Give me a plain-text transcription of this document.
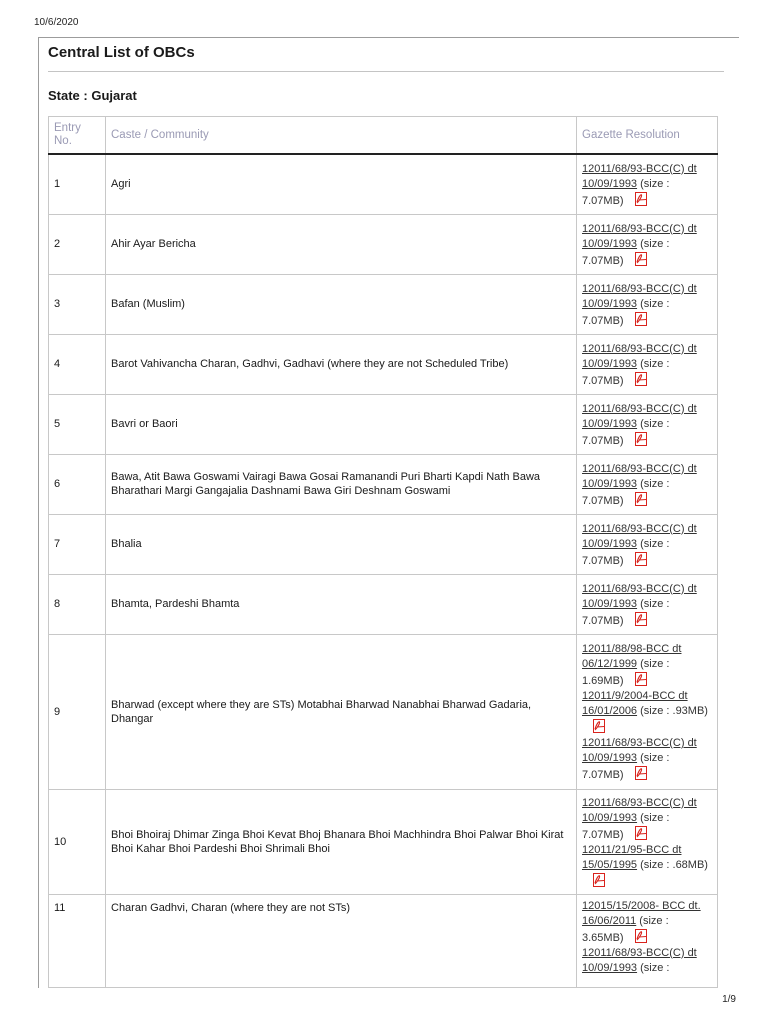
10/6/2020
Central List of OBCs
State : Gujarat
Entry
No.	Caste / Community	Gazette Resolution
1	Agri	12011/68/93-BCC(C) dt 10/09/1993 (size : 7.07MB)

2	Ahir Ayar Bericha	12011/68/93-BCC(C) dt 10/09/1993 (size : 7.07MB)

3	Bafan (Muslim)	12011/68/93-BCC(C) dt 10/09/1993 (size : 7.07MB)

4	Barot Vahivancha Charan, Gadhvi, Gadhavi (where they are not Scheduled Tribe)	12011/68/93-BCC(C) dt 10/09/1993 (size : 7.07MB)

5	Bavri or Baori	12011/68/93-BCC(C) dt 10/09/1993 (size : 7.07MB)

6	Bawa, Atit Bawa Goswami Vairagi Bawa Gosai Ramanandi Puri Bharti Kapdi Nath Bawa Bharathari Margi Gangajalia Dashnami Bawa Giri Deshnam Goswami	12011/68/93-BCC(C) dt 10/09/1993 (size : 7.07MB)

7	Bhalia	12011/68/93-BCC(C) dt 10/09/1993 (size : 7.07MB)

8	Bhamta, Pardeshi Bhamta	12011/68/93-BCC(C) dt 10/09/1993 (size : 7.07MB)

9	Bharwad (except where they are STs) Motabhai Bharwad Nanabhai Bharwad Gadaria, Dhangar	12011/88/98-BCC dt 06/12/1999 (size : 1.69MB)

12011/9/2004-BCC dt 16/01/2006 (size : .93MB)

12011/68/93-BCC(C) dt 10/09/1993 (size : 7.07MB)

10	Bhoi Bhoiraj Dhimar Zinga Bhoi Kevat Bhoj Bhanara Bhoi Machhindra Bhoi Palwar Bhoi Kirat Bhoi Kahar Bhoi Pardeshi Bhoi Shrimali Bhoi	12011/68/93-BCC(C) dt 10/09/1993 (size : 7.07MB)

12011/21/95-BCC dt 15/05/1995 (size : .68MB)

11	Charan Gadhvi, Charan (where they are not STs)	12015/15/2008- BCC dt. 16/06/2011 (size : 3.65MB)

12011/68/93-BCC(C) dt 10/09/1993 (size :
1/9
